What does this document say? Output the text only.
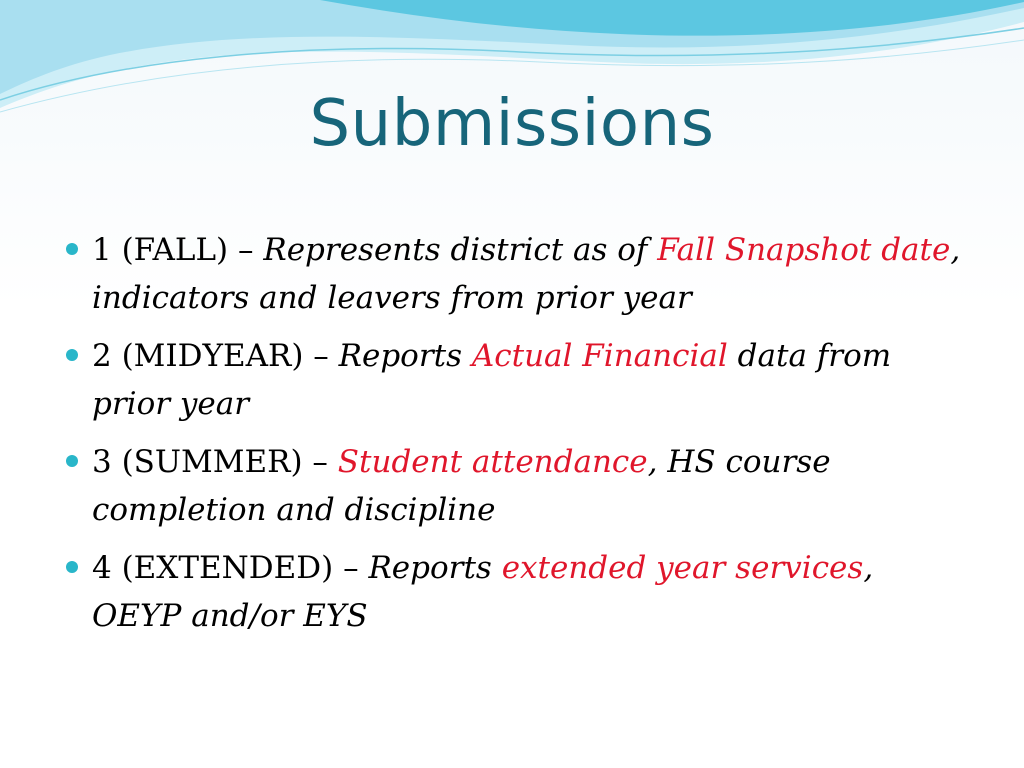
Submissions
1 (FALL) – Represents district as of Fall Snapshot date, indicators and leavers from prior year
2 (MIDYEAR) – Reports Actual Financial data from prior year
3 (SUMMER) – Student attendance, HS course completion and discipline
4 (EXTENDED) – Reports extended year services, OEYP and/or EYS
